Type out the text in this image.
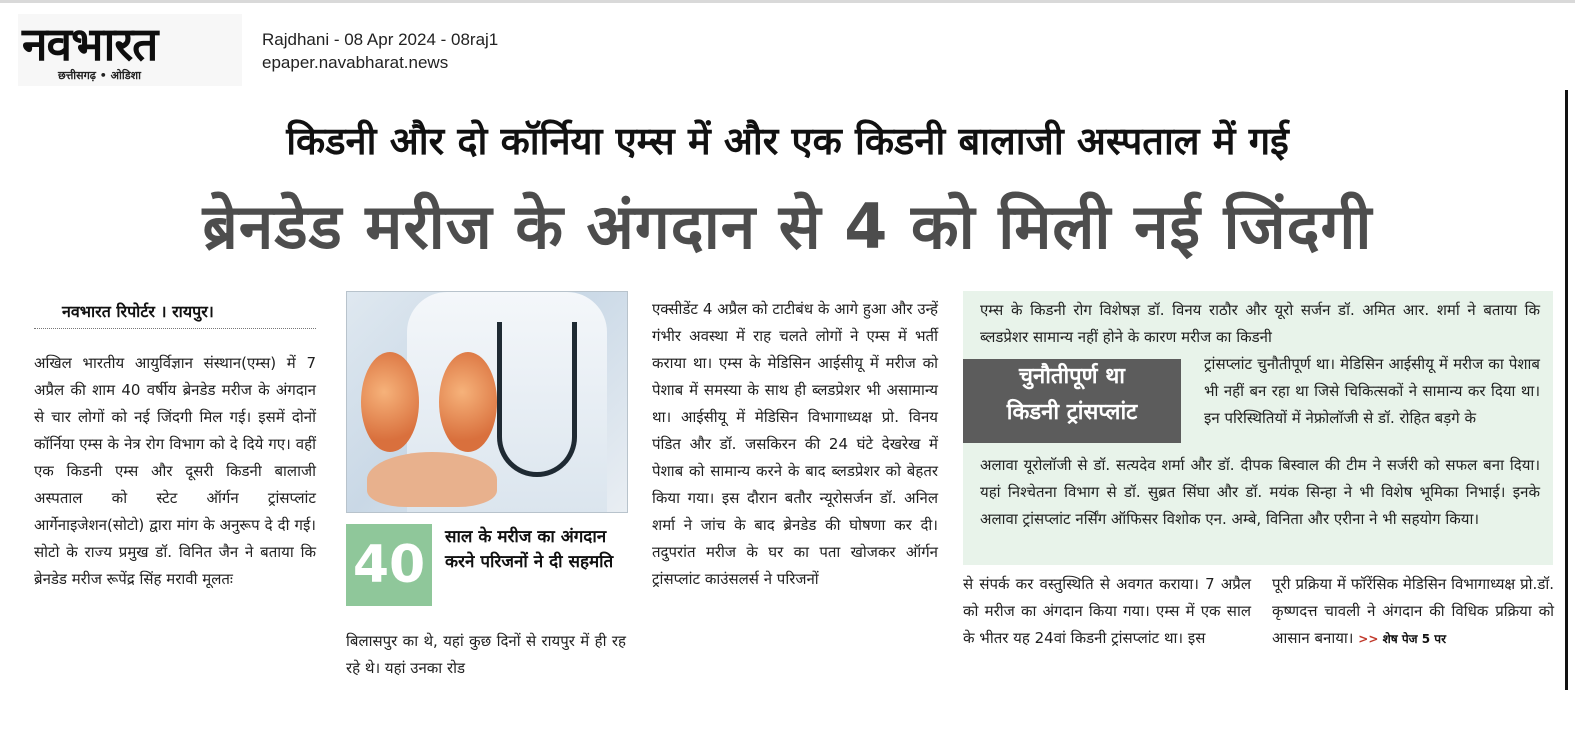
नवभारत
छत्तीसगढ़ • ओडिशा
Rajdhani - 08 Apr 2024 - 08raj1
epaper.navabharat.news
किडनी और दो कॉर्निया एम्स में और एक किडनी बालाजी अस्पताल में गई
ब्रेनडेड मरीज के अंगदान से 4 को मिली नई जिंदगी
नवभारत रिपोर्टर । रायपुर।

अखिल भारतीय आयुर्विज्ञान संस्थान(एम्स) में 7 अप्रैल की शाम 40 वर्षीय ब्रेनडेड मरीज के अंगदान से चार लोगों को नई जिंदगी मिल गई। इसमें दोनों कॉर्निया एम्स के नेत्र रोग विभाग को दे दिये गए। वहीं एक किडनी एम्स और दूसरी किडनी बालाजी अस्पताल को स्टेट ऑर्गन ट्रांसप्लांट आर्गेनाइजेशन(सोटो) द्वारा मांग के अनुरूप दे दी गई। सोटो के राज्य प्रमुख डॉ. विनित जैन ने बताया कि ब्रेनडेड मरीज रूपेंद्र सिंह मरावी मूलतः	40	साल के मरीज का अंगदान करने परिजनों ने दी सहमति

बिलासपुर का थे, यहां कुछ दिनों से रायपुर में ही रह रहे थे। यहां उनका रोड

एक्सीडेंट 4 अप्रैल को टाटीबंध के आगे हुआ और उन्हें गंभीर अवस्था में राह चलते लोगों ने एम्स में भर्ती कराया था। एम्स के मेडिसिन आईसीयू में मरीज को पेशाब में समस्या के साथ ही ब्लडप्रेशर भी असामान्य था। आईसीयू में मेडिसिन विभागाध्यक्ष प्रो. विनय पंडित और डॉ. जसकिरन की 24 घंटे देखरेख में पेशाब को सामान्य करने के बाद ब्लडप्रेशर को बेहतर किया गया। इस दौरान बतौर न्यूरोसर्जन डॉ. अनिल शर्मा ने जांच के बाद ब्रेनडेड की घोषणा कर दी। तदुपरांत मरीज के घर का पता खोजकर ऑर्गन ट्रांसप्लांट काउंसलर्स ने परिजनों

एम्स के किडनी रोग विशेषज्ञ डॉ. विनय राठौर और यूरो सर्जन डॉ. अमित आर. शर्मा ने बताया कि ब्लडप्रेशर सामान्य नहीं होने के कारण मरीज का किडनी

चुनौतीपूर्ण था
किडनी ट्रांसप्लांट

ट्रांसप्लांट चुनौतीपूर्ण था। मेडिसिन आईसीयू में मरीज का पेशाब भी नहीं बन रहा था जिसे चिकित्सकों ने सामान्य कर दिया था। इन परिस्थितियों में नेफ्रोलॉजी से डॉ. रोहित बड़गे के

अलावा यूरोलॉजी से डॉ. सत्यदेव शर्मा और डॉ. दीपक बिस्वाल की टीम ने सर्जरी को सफल बना दिया। यहां निश्चेतना विभाग से डॉ. सुब्रत सिंघा और डॉ. मयंक सिन्हा ने भी विशेष भूमिका निभाई। इनके अलावा ट्रांसप्लांट नर्सिंग ऑफिसर विशोक एन. अम्बे, विनिता और एरीना ने भी सहयोग किया।

से संपर्क कर वस्तुस्थिति से अवगत कराया। 7 अप्रैल को मरीज का अंगदान किया गया। एम्स में एक साल के भीतर यह 24वां किडनी ट्रांसप्लांट था। इस

पूरी प्रक्रिया में फॉरेंसिक मेडिसिन विभागाध्यक्ष प्रो.डॉ. कृष्णदत्त चावली ने अंगदान की विधिक प्रक्रिया को आसान बनाया। >> शेष पेज 5 पर
